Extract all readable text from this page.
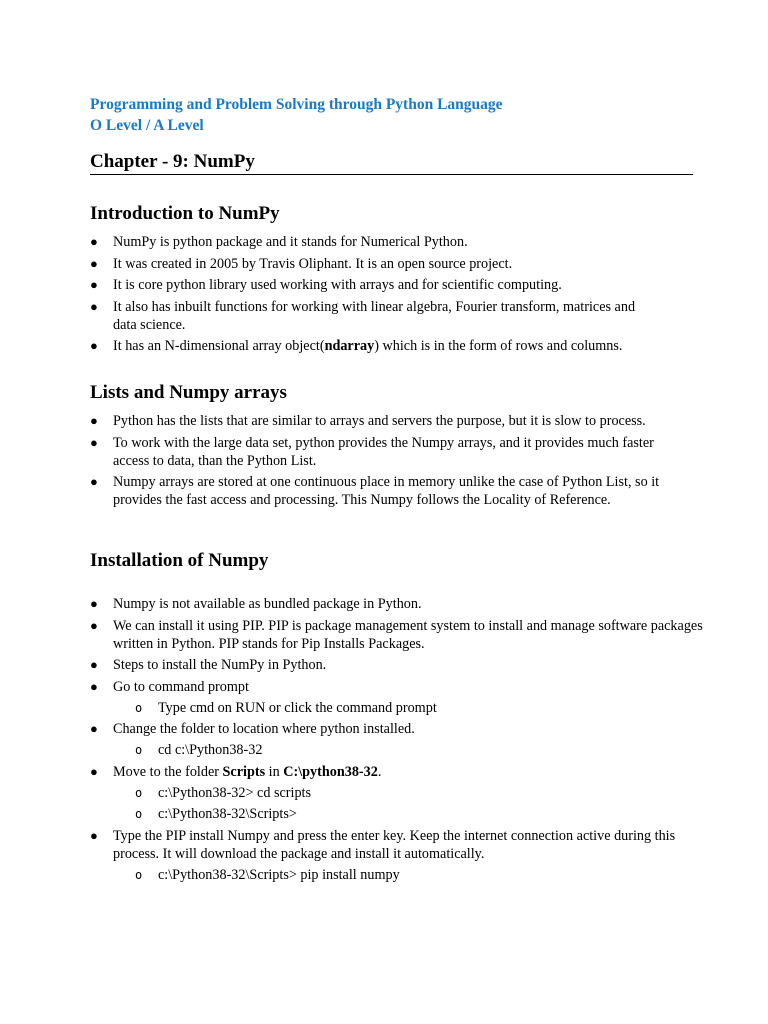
Programming and Problem Solving through Python Language
O Level / A Level
Chapter - 9: NumPy
Introduction to NumPy
● NumPy is python package and it stands for Numerical Python.
● It was created in 2005 by Travis Oliphant. It is an open source project.
● It is core python library used working with arrays and for scientific computing.
● It also has inbuilt functions for working with linear algebra, Fourier transform, matrices and data science.
● It has an N-dimensional array object(ndarray) which is in the form of rows and columns.
Lists and Numpy arrays
● Python has the lists that are similar to arrays and servers the purpose, but it is slow to process.
● To work with the large data set, python provides the Numpy arrays, and it provides much faster access to data, than the Python List.
● Numpy arrays are stored at one continuous place in memory unlike the case of Python List, so it provides the fast access and processing. This Numpy follows the Locality of Reference.
Installation of Numpy
● Numpy is not available as bundled package in Python.
● We can install it using PIP. PIP is package management system to install and manage software packages written in Python. PIP stands for Pip Installs Packages.
● Steps to install the NumPy in Python.
● Go to command prompt
o Type cmd on RUN or click the command prompt
● Change the folder to location where python installed.
o cd c:\Python38-32
● Move to the folder Scripts in C:\python38-32.
o c:\Python38-32> cd scripts
o c:\Python38-32\Scripts>
● Type the PIP install Numpy and press the enter key. Keep the internet connection active during this process. It will download the package and install it automatically.
o c:\Python38-32\Scripts> pip install numpy
